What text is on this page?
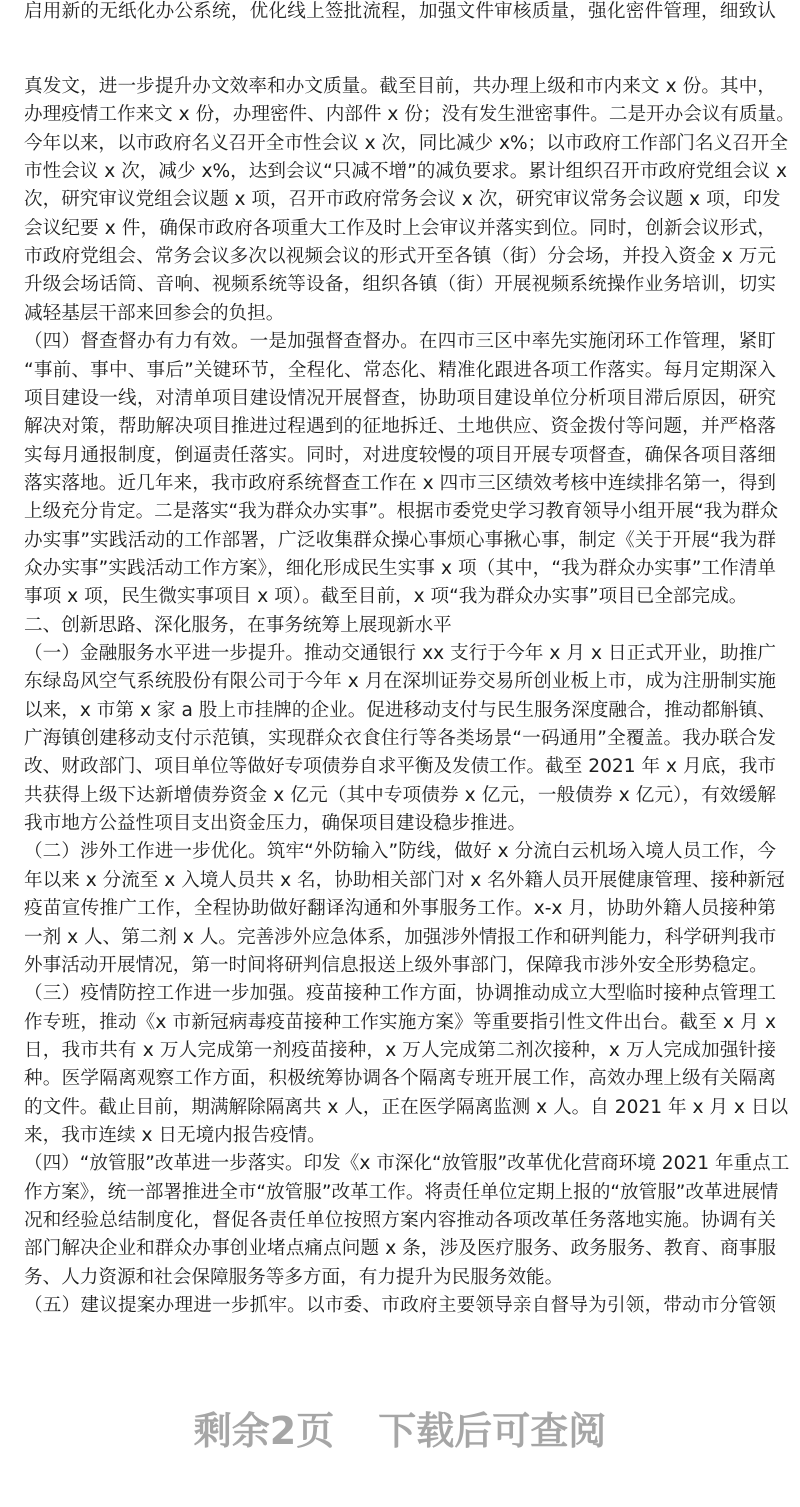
启用新的无纸化办公系统，优化线上签批流程，加强文件审核质量，强化密件管理，细致认
真发文，进一步提升办文效率和办文质量。截至目前，共办理上级和市内来文 x 份。其中，
办理疫情工作来文 x 份，办理密件、内部件 x 份；没有发生泄密事件。二是开办会议有质量。
今年以来，以市政府名义召开全市性会议 x 次，同比减少 x%；以市政府工作部门名义召开全
市性会议 x 次，减少 x%，达到会议“只减不增”的减负要求。累计组织召开市政府党组会议 x
次，研究审议党组会议题 x 项，召开市政府常务会议 x 次，研究审议常务会议题 x 项，印发
会议纪要 x 件，确保市政府各项重大工作及时上会审议并落实到位。同时，创新会议形式，
市政府党组会、常务会议多次以视频会议的形式开至各镇（街）分会场，并投入资金 x 万元
升级会场话筒、音响、视频系统等设备，组织各镇（街）开展视频系统操作业务培训，切实
减轻基层干部来回参会的负担。
（四）督查督办有力有效。一是加强督查督办。在四市三区中率先实施闭环工作管理，紧盯
“事前、事中、事后”关键环节，全程化、常态化、精准化跟进各项工作落实。每月定期深入
项目建设一线，对清单项目建设情况开展督查，协助项目建设单位分析项目滞后原因，研究
解决对策，帮助解决项目推进过程遇到的征地拆迁、土地供应、资金拨付等问题，并严格落
实每月通报制度，倒逼责任落实。同时，对进度较慢的项目开展专项督查，确保各项目落细
落实落地。近几年来，我市政府系统督查工作在 x 四市三区绩效考核中连续排名第一，得到
上级充分肯定。二是落实“我为群众办实事”。根据市委党史学习教育领导小组开展“我为群众
办实事”实践活动的工作部署，广泛收集群众操心事烦心事揪心事，制定《关于开展“我为群
众办实事”实践活动工作方案》，细化形成民生实事 x 项（其中，“我为群众办实事”工作清单
事项 x 项，民生微实事项目 x 项）。截至目前，x 项“我为群众办实事”项目已全部完成。
二、创新思路、深化服务，在事务统筹上展现新水平
（一）金融服务水平进一步提升。推动交通银行 xx 支行于今年 x 月 x 日正式开业，助推广
东绿岛风空气系统股份有限公司于今年 x 月在深圳证券交易所创业板上市，成为注册制实施
以来，x 市第 x 家 a 股上市挂牌的企业。促进移动支付与民生服务深度融合，推动都斛镇、
广海镇创建移动支付示范镇，实现群众衣食住行等各类场景“一码通用”全覆盖。我办联合发
改、财政部门、项目单位等做好专项债券自求平衡及发债工作。截至 2021 年 x 月底，我市
共获得上级下达新增债券资金 x 亿元（其中专项债券 x 亿元，一般债券 x 亿元），有效缓解
我市地方公益性项目支出资金压力，确保项目建设稳步推进。
（二）涉外工作进一步优化。筑牢“外防输入”防线，做好 x 分流白云机场入境人员工作，今
年以来 x 分流至 x 入境人员共 x 名，协助相关部门对 x 名外籍人员开展健康管理、接种新冠
疫苗宣传推广工作，全程协助做好翻译沟通和外事服务工作。x-x 月，协助外籍人员接种第
一剂 x 人、第二剂 x 人。完善涉外应急体系，加强涉外情报工作和研判能力，科学研判我市
外事活动开展情况，第一时间将研判信息报送上级外事部门，保障我市涉外安全形势稳定。
（三）疫情防控工作进一步加强。疫苗接种工作方面，协调推动成立大型临时接种点管理工
作专班，推动《x 市新冠病毒疫苗接种工作实施方案》等重要指引性文件出台。截至 x 月 x
日，我市共有 x 万人完成第一剂疫苗接种，x 万人完成第二剂次接种，x 万人完成加强针接
种。医学隔离观察工作方面，积极统筹协调各个隔离专班开展工作，高效办理上级有关隔离
的文件。截止目前，期满解除隔离共 x 人，正在医学隔离监测 x 人。自 2021 年 x 月 x 日以
来，我市连续 x 日无境内报告疫情。
（四）“放管服”改革进一步落实。印发《x 市深化“放管服”改革优化营商环境 2021 年重点工
作方案》，统一部署推进全市“放管服”改革工作。将责任单位定期上报的“放管服”改革进展情
况和经验总结制度化，督促各责任单位按照方案内容推动各项改革任务落地实施。协调有关
部门解决企业和群众办事创业堵点痛点问题 x 条，涉及医疗服务、政务服务、教育、商事服
务、人力资源和社会保障服务等多方面，有力提升为民服务效能。
（五）建议提案办理进一步抓牢。以市委、市政府主要领导亲自督导为引领，带动市分管领
剩余2页 下载后可查阅
